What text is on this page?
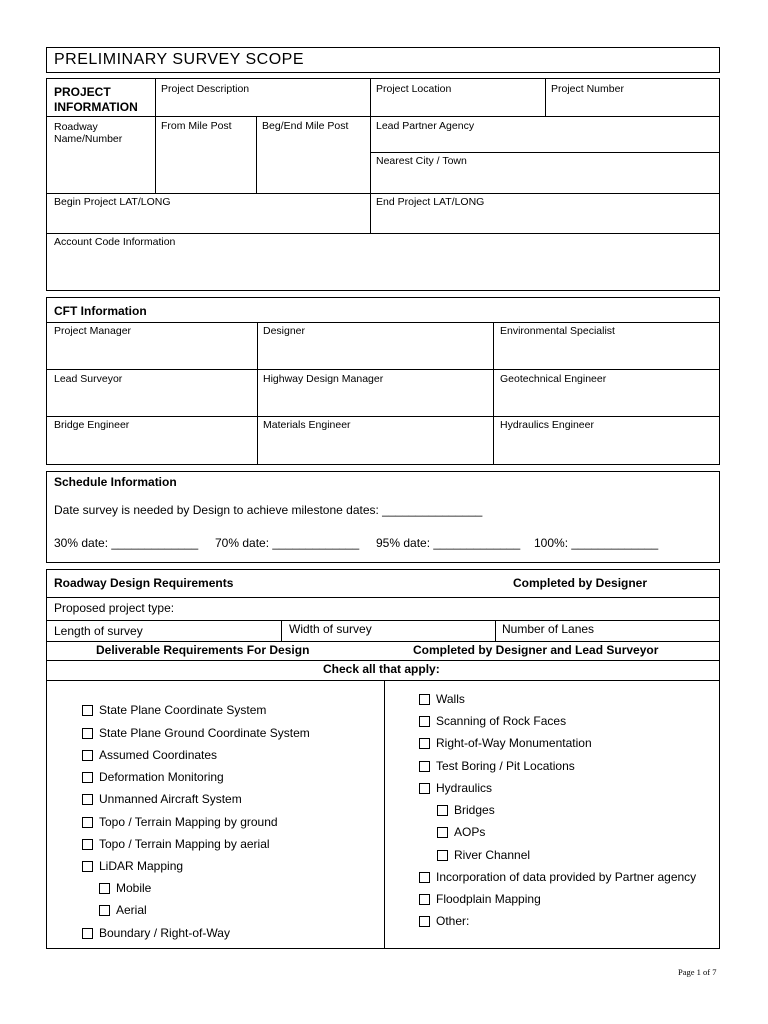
PRELIMINARY SURVEY SCOPE
PROJECT
INFORMATION
Project Description	Project Location	Project Number
Roadway
Name/Number
From Mile Post	Beg/End Mile Post	Lead Partner Agency
Nearest City / Town
Begin Project LAT/LONG	End Project LAT/LONG
Account Code Information
CFT Information
Project Manager	Designer	Environmental Specialist
Lead Surveyor	Highway Design Manager	Geotechnical Engineer
Bridge Engineer	Materials Engineer	Hydraulics Engineer
Schedule Information
Date survey is needed by Design to achieve milestone dates: _______________
30% date: _____________ 70% date: _____________ 95% date: _____________ 100%: _____________
Roadway Design Requirements	Completed by Designer
Proposed project type:
Length of survey	Width of survey	Number of Lanes
Deliverable Requirements For Design	Completed by Designer and Lead Surveyor
Check all that apply:
State Plane Coordinate System
State Plane Ground Coordinate System
Assumed Coordinates
Deformation Monitoring
Unmanned Aircraft System
Topo / Terrain Mapping by ground
Topo / Terrain Mapping by aerial
LiDAR Mapping
Mobile
Aerial
Boundary / Right-of-Way
Walls
Scanning of Rock Faces
Right-of-Way Monumentation
Test Boring / Pit Locations
Hydraulics
Bridges
AOPs
River Channel
Incorporation of data provided by Partner agency
Floodplain Mapping
Other:
Page 1 of 7
